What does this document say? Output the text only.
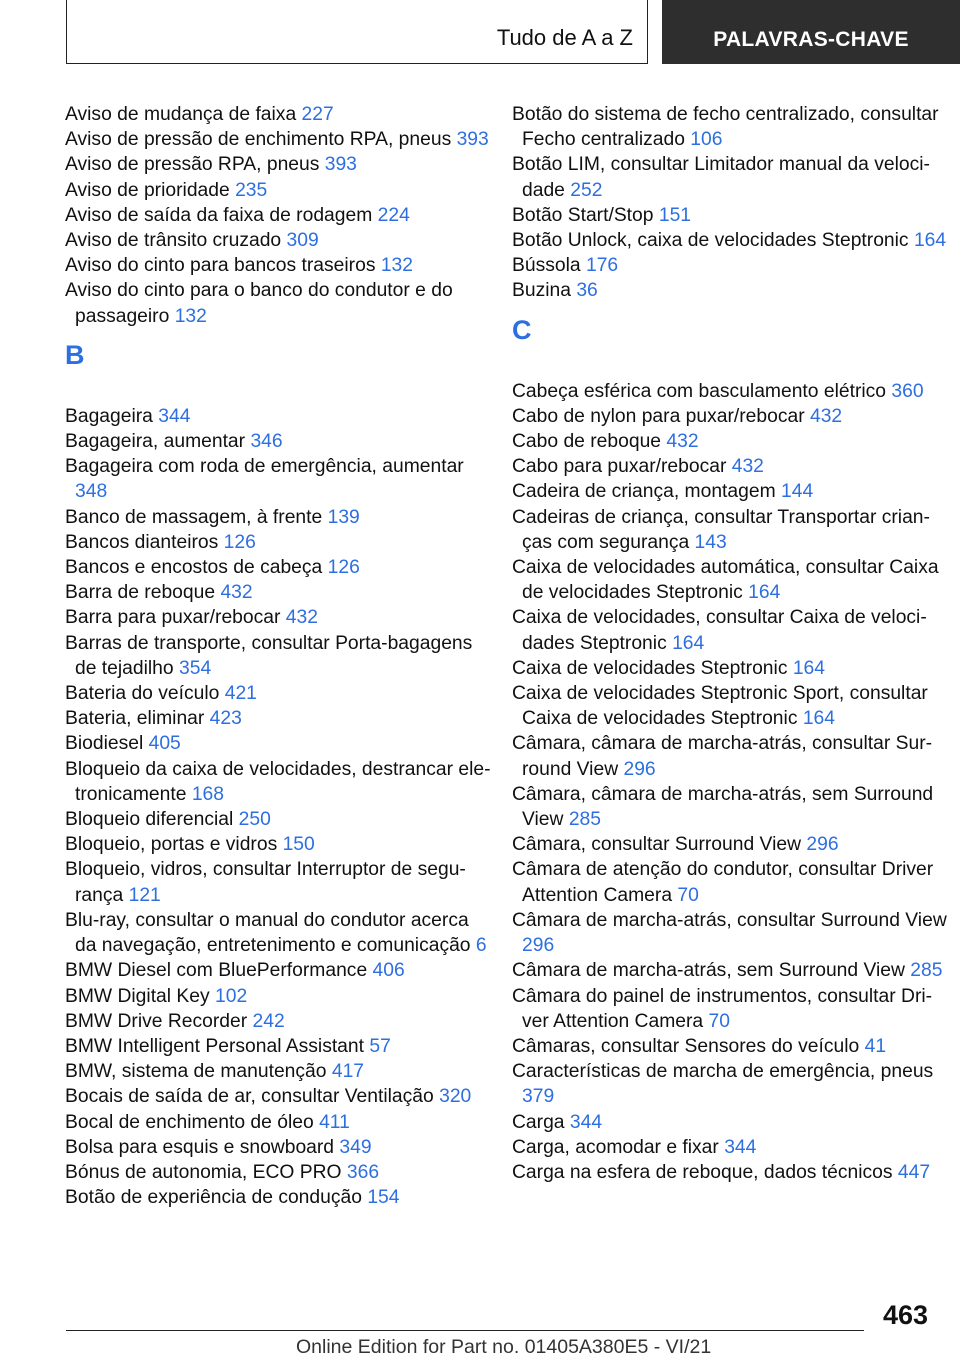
Tudo de A a Z	PALAVRAS-CHAVE
Aviso de mudança de faixa 227
Aviso de pressão de enchimento RPA, pneus 393
Aviso de pressão RPA, pneus 393
Aviso de prioridade 235
Aviso de saída da faixa de rodagem 224
Aviso de trânsito cruzado 309
Aviso do cinto para bancos traseiros 132
Aviso do cinto para o banco do condutor e do passageiro 132
B
Bagageira 344
Bagageira, aumentar 346
Bagageira com roda de emergência, aumentar 348
Banco de massagem, à frente 139
Bancos dianteiros 126
Bancos e encostos de cabeça 126
Barra de reboque 432
Barra para puxar/rebocar 432
Barras de transporte, consultar Porta-bagagens de tejadilho 354
Bateria do veículo 421
Bateria, eliminar 423
Biodiesel 405
Bloqueio da caixa de velocidades, destrancar eletronicamente 168
Bloqueio diferencial 250
Bloqueio, portas e vidros 150
Bloqueio, vidros, consultar Interruptor de segurança 121
Blu-ray, consultar o manual do condutor acerca da navegação, entretenimento e comunicação 6
BMW Diesel com BluePerformance 406
BMW Digital Key 102
BMW Drive Recorder 242
BMW Intelligent Personal Assistant 57
BMW, sistema de manutenção 417
Bocais de saída de ar, consultar Ventilação 320
Bocal de enchimento de óleo 411
Bolsa para esquis e snowboard 349
Bónus de autonomia, ECO PRO 366
Botão de experiência de condução 154
Botão do sistema de fecho centralizado, consultar Fecho centralizado 106
Botão LIM, consultar Limitador manual da velocidade 252
Botão Start/Stop 151
Botão Unlock, caixa de velocidades Steptronic 164
Bússola 176
Buzina 36
C
Cabeça esférica com basculamento elétrico 360
Cabo de nylon para puxar/rebocar 432
Cabo de reboque 432
Cabo para puxar/rebocar 432
Cadeira de criança, montagem 144
Cadeiras de criança, consultar Transportar crianças com segurança 143
Caixa de velocidades automática, consultar Caixa de velocidades Steptronic 164
Caixa de velocidades, consultar Caixa de velocidades Steptronic 164
Caixa de velocidades Steptronic 164
Caixa de velocidades Steptronic Sport, consultar Caixa de velocidades Steptronic 164
Câmara, câmara de marcha-atrás, consultar Surround View 296
Câmara, câmara de marcha-atrás, sem Surround View 285
Câmara, consultar Surround View 296
Câmara de atenção do condutor, consultar Driver Attention Camera 70
Câmara de marcha-atrás, consultar Surround View 296
Câmara de marcha-atrás, sem Surround View 285
Câmara do painel de instrumentos, consultar Driver Attention Camera 70
Câmaras, consultar Sensores do veículo 41
Características de marcha de emergência, pneus 379
Carga 344
Carga, acomodar e fixar 344
Carga na esfera de reboque, dados técnicos 447
463
Online Edition for Part no. 01405A380E5 - VI/21
